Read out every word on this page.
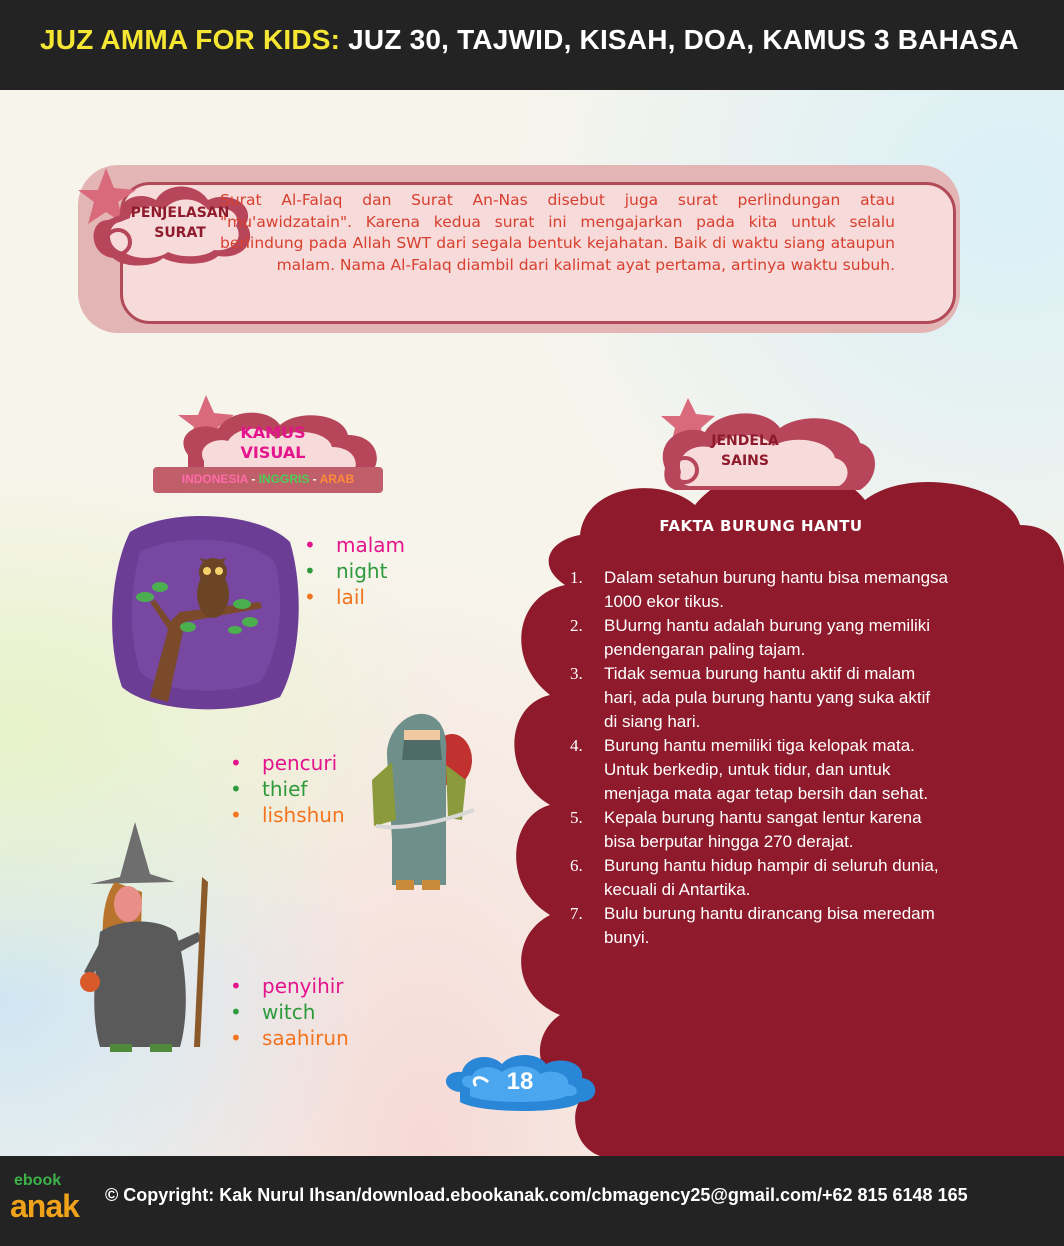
JUZ AMMA FOR KIDS: JUZ 30, TAJWID, KISAH, DOA, KAMUS 3 BAHASA
PENJELASAN
SURAT
Surat Al-Falaq dan Surat An-Nas disebut juga surat perlindungan atau "mu'awidzatain". Karena kedua surat ini mengajarkan pada kita untuk selalu berlindung pada Allah SWT dari segala bentuk kejahatan. Baik di waktu siang ataupun malam. Nama Al-Falaq diambil dari kalimat ayat pertama, artinya waktu subuh.
KAMUS
VISUAL
INDONESIA - INGGRIS - ARAB
• malam
• night
• lail
• pencuri
• thief
• lishshun
• penyihir
• witch
• saahirun
JENDELA
SAINS
FAKTA BURUNG HANTU
1. Dalam setahun burung hantu bisa memangsa 1000 ekor tikus.
2. BUurng hantu adalah burung yang memiliki pendengaran paling tajam.
3. Tidak semua burung hantu aktif di malam hari, ada pula burung hantu yang suka aktif di siang hari.
4. Burung hantu memiliki tiga kelopak mata. Untuk berkedip, untuk tidur, dan untuk menjaga mata agar tetap bersih dan sehat.
5. Kepala burung hantu sangat lentur karena bisa berputar hingga 270 derajat.
6. Burung hantu hidup hampir di seluruh dunia, kecuali di Antartika.
7. Bulu burung hantu dirancang bisa meredam bunyi.
18
ebook
anak © Copyright: Kak Nurul Ihsan/download.ebookanak.com/cbmagency25@gmail.com/+62 815 6148 165
